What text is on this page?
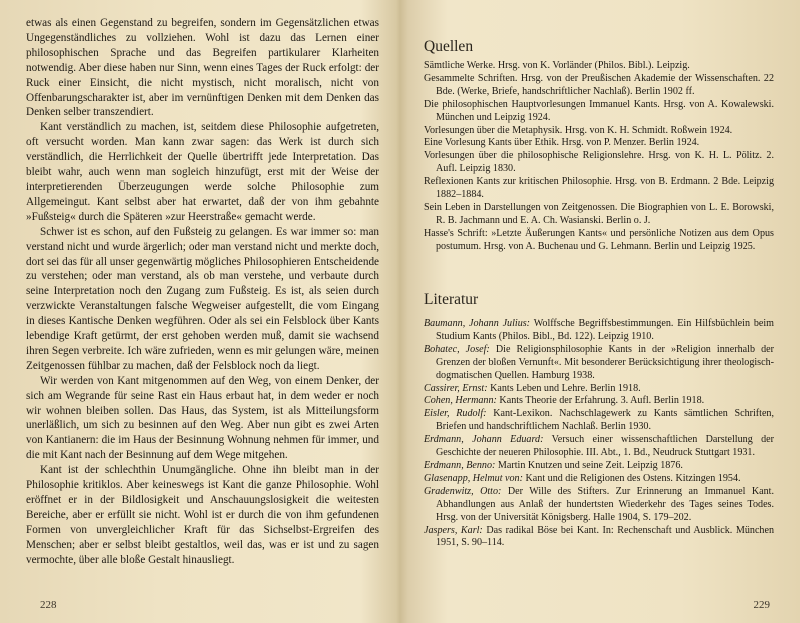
etwas als einen Gegenstand zu begreifen, sondern im Gegensätzlichen etwas Ungegenständliches zu vollziehen. Wohl ist dazu das Lernen einer philosophischen Sprache und das Begreifen partikularer Klarheiten notwendig. Aber diese haben nur Sinn, wenn eines Tages der Ruck erfolgt: der Ruck einer Einsicht, die nicht mystisch, nicht moralisch, nicht von Offenbarungscharakter ist, aber im vernünftigen Denken mit dem Denken das Denken selber transzendiert.

Kant verständlich zu machen, ist, seitdem diese Philosophie aufgetreten, oft versucht worden. Man kann zwar sagen: das Werk ist durch sich verständlich, die Herrlichkeit der Quelle übertrifft jede Interpretation. Das bleibt wahr, auch wenn man sogleich hinzufügt, erst mit der Weise der interpretierenden Überzeugungen werde solche Philosophie zum Allgemeingut. Kant selbst aber hat erwartet, daß der von ihm gebahnte »Fußsteig« durch die Späteren »zur Heerstraße« gemacht werde.

Schwer ist es schon, auf den Fußsteig zu gelangen. Es war immer so: man verstand nicht und wurde ärgerlich; oder man verstand nicht und merkte doch, dort sei das für all unser gegenwärtig mögliches Philosophieren Entscheidende zu verstehen; oder man verstand, als ob man verstehe, und verbaute durch seine Interpretation noch den Zugang zum Fußsteig. Es ist, als seien durch verzwickte Veranstaltungen falsche Wegweiser aufgestellt, die vom Eingang in dieses Kantische Denken wegführen. Oder als sei ein Felsblock über Kants lebendige Kraft getürmt, der erst gehoben werden muß, damit sie wachsend ihren Segen verbreite. Ich wäre zufrieden, wenn es mir gelungen wäre, meinen Zeitgenossen fühlbar zu machen, daß der Felsblock noch da liegt.

Wir werden von Kant mitgenommen auf den Weg, von einem Denker, der sich am Wegrande für seine Rast ein Haus erbaut hat, in dem weder er noch wir wohnen bleiben sollen. Das Haus, das System, ist als Mitteilungsform unerläßlich, um sich zu besinnen auf den Weg. Aber nun gibt es zwei Arten von Kantianern: die im Haus der Besinnung Wohnung nehmen für immer, und die mit Kant nach der Besinnung auf dem Wege mitgehen.

Kant ist der schlechthin Unumgängliche. Ohne ihn bleibt man in der Philosophie kritiklos. Aber keineswegs ist Kant die ganze Philosophie. Wohl eröffnet er in der Bildlosigkeit und Anschauungslosigkeit die weitesten Bereiche, aber er erfüllt sie nicht. Wohl ist er durch die von ihm gefundenen Formen von unvergleichlicher Kraft für das Sichselbst-Ergreifen des Menschen; aber er selbst bleibt gestaltlos, weil das, was er ist und zu sagen vermochte, über alle bloße Gestalt hinausliegt.

228
Quellen
Sämtliche Werke. Hrsg. von K. Vorländer (Philos. Bibl.). Leipzig.
Gesammelte Schriften. Hrsg. von der Preußischen Akademie der Wissenschaften. 22 Bde. (Werke, Briefe, handschriftlicher Nachlaß). Berlin 1902 ff.
Die philosophischen Hauptvorlesungen Immanuel Kants. Hrsg. von A. Kowalewski. München und Leipzig 1924.
Vorlesungen über die Metaphysik. Hrsg. von K. H. Schmidt. Roßwein 1924.
Eine Vorlesung Kants über Ethik. Hrsg. von P. Menzer. Berlin 1924.
Vorlesungen über die philosophische Religionslehre. Hrsg. von K. H. L. Pölitz. 2. Aufl. Leipzig 1830.
Reflexionen Kants zur kritischen Philosophie. Hrsg. von B. Erdmann. 2 Bde. Leipzig 1882–1884.
Sein Leben in Darstellungen von Zeitgenossen. Die Biographien von L. E. Borowski, R. B. Jachmann und E. A. Ch. Wasianski. Berlin o. J.
Hasse's Schrift: »Letzte Äußerungen Kants« und persönliche Notizen aus dem Opus postumum. Hrsg. von A. Buchenau und G. Lehmann. Berlin und Leipzig 1925.
Literatur
Baumann, Johann Julius: Wolffsche Begriffsbestimmungen. Ein Hilfsbüchlein beim Studium Kants (Philos. Bibl., Bd. 122). Leipzig 1910.
Bohatec, Josef: Die Religionsphilosophie Kants in der »Religion innerhalb der Grenzen der bloßen Vernunft«. Mit besonderer Berücksichtigung ihrer theologisch-dogmatischen Quellen. Hamburg 1938.
Cassirer, Ernst: Kants Leben und Lehre. Berlin 1918.
Cohen, Hermann: Kants Theorie der Erfahrung. 3. Aufl. Berlin 1918.
Eisler, Rudolf: Kant-Lexikon. Nachschlagewerk zu Kants sämtlichen Schriften, Briefen und handschriftlichem Nachlaß. Berlin 1930.
Erdmann, Johann Eduard: Versuch einer wissenschaftlichen Darstellung der Geschichte der neueren Philosophie. III. Abt., 1. Bd., Neudruck Stuttgart 1931.
Erdmann, Benno: Martin Knutzen und seine Zeit. Leipzig 1876.
Glasenapp, Helmut von: Kant und die Religionen des Ostens. Kitzingen 1954.
Gradenwitz, Otto: Der Wille des Stifters. Zur Erinnerung an Immanuel Kant. Abhandlungen aus Anlaß der hundertsten Wiederkehr des Tages seines Todes. Hrsg. von der Universität Königsberg. Halle 1904, S. 179–202.
Jaspers, Karl: Das radikal Böse bei Kant. In: Rechenschaft und Ausblick. München 1951, S. 90–114.
229
